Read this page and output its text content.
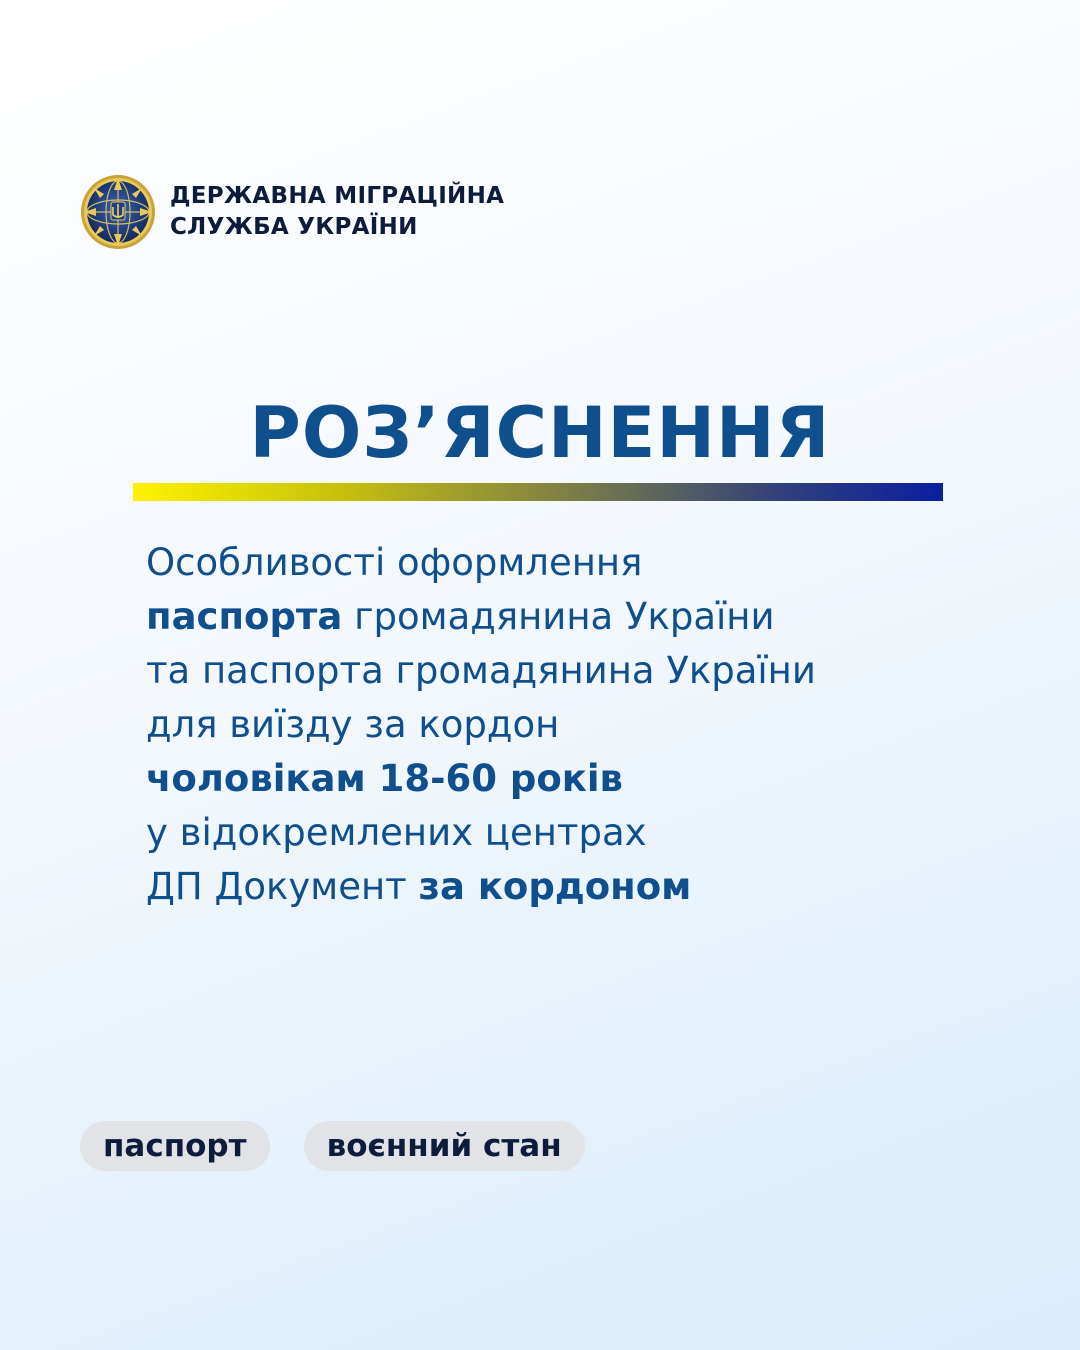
ДЕРЖАВНА МІГРАЦІЙНА
СЛУЖБА УКРАЇНИ
РОЗ’ЯСНЕННЯ
Особливості оформлення
паспорта громадянина України
та паспорта громадянина України
для виїзду за кордон
чоловікам 18-60 років
у відокремлених центрах
ДП Документ за кордоном
паспорт	воєнний стан
